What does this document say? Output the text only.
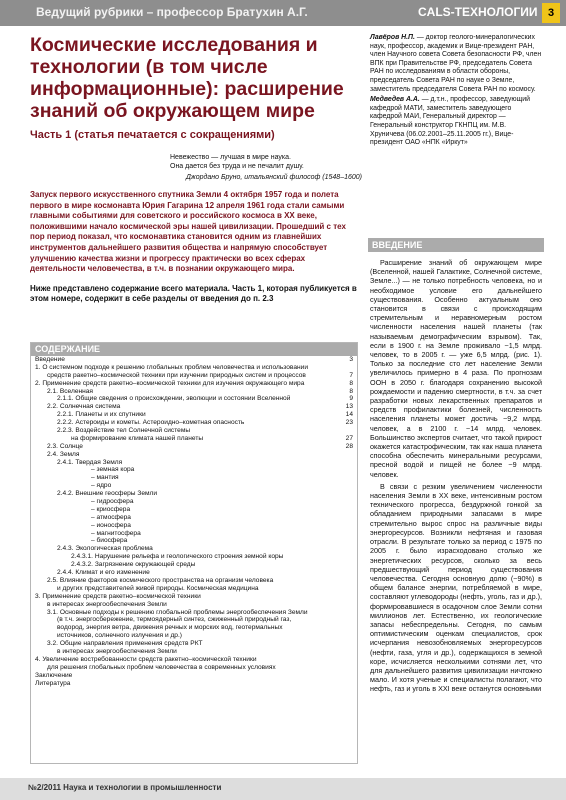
Ведущий рубрики – профессор Братухин А.Г.	CALS-ТЕХНОЛОГИИ 3
Космические исследования и технологии (в том числе информационные): расширение знаний об окружающем мире
Часть 1 (статья печатается с сокращениями)
Невежество — лучшая в мире наука.
Она дается без труда и не печалит душу.
Джордано Бруно, итальянский философ (1548–1600)
Запуск первого искусственного спутника Земли 4 октября 1957 года и полета первого в мире космонавта Юрия Гагарина 12 апреля 1961 года стали самыми главными событиями для советского и российского космоса в XX веке, положившими начало космической эры нашей цивилизации. Прошедший с тех пор период показал, что космонавтика становится одним из главнейших инструментов дальнейшего развития общества и напрямую способствует улучшению качества жизни и прогрессу практически во всех сферах деятельности человечества, в т.ч. в познании окружающего мира.
Ниже представлено содержание всего материала. Часть 1, которая публикуется в этом номере, содержит в себе разделы от введения до п. 2.3
СОДЕРЖАНИЕ
Введение	3
1. О системном подходе к решению глобальных проблем человечества и использовании
средств ракетно–космической техники при изучении природных систем и процессов	7
2. Применение средств ракетно–космической техники для изучения окружающего мира	8
2.1. Вселенная	8
2.1.1. Общие сведения о происхождении, эволюции и состоянии Вселенной	9
2.2. Солнечная система	13
2.2.1. Планеты и их спутники	14
2.2.2. Астероиды и кометы. Астероидно–кометная опасность	23
2.2.3. Воздействие тел Солнечной системы
на формирование климата нашей планеты	27
2.3. Солнце	28
2.4. Земля
2.4.1. Твердая Земля
– земная кора
– мантия
– ядро
2.4.2. Внешние геосферы Земли
– гидросфера
– криосфера
– атмосфера
– ионосфера
– магнитосфера
– биосфера
2.4.3. Экологическая проблема
2.4.3.1. Нарушение рельефа и геологического строения земной коры
2.4.3.2. Загрязнение окружающей среды
2.4.4. Климат и его изменение
2.5. Влияние факторов космического пространства на организм человека
и других представителей живой природы. Космическая медицина
3. Применение средств ракетно–космической техники
в интересах энергообеспечения Земли
3.1. Основные подходы к решению глобальной проблемы энергообеспечения Земли
(в т.ч. энергосбережение, термоядерный синтез, сжиженный природный газ,
водород, энергия ветра, движения речных и морских вод, геотермальных
источников, солнечного излучения и др.)
3.2. Общие направления применения средств РКТ
в интересах энергообеспечения Земли
4. Увеличение востребованности средств ракетно–космической техники
для решения глобальных проблем человечества в современных условиях
Заключение
Литература
Лавёров Н.П. — доктор геолого-минералогических наук, профессор, академик и Вице-президент РАН, член Научного совета Совета безопасности РФ, член ВПК при Правительстве РФ, председатель Совета РАН по исследованиям в области обороны, председатель Совета РАН по науке о Земле, заместитель председателя Совета РАН по космосу.
Медведев А.А. — д.т.н., профессор, заведующий кафедрой МАТИ, заместитель заведующего кафедрой МАИ, Генеральный директор — Генеральный конструктор ГКНПЦ им. М.В. Хруничева (06.02.2001–25.11.2005 гг.), Вице-президент ОАО «НПК «Иркут»
ВВЕДЕНИЕ

Расширение знаний об окружающем мире (Вселенной, нашей Галактике, Солнечной системе, Земле...) — не только потребность человека, но и необходимое условие его дальнейшего существования. Особенно актуальным оно становится в связи с происходящим стремительным и неравномерным ростом численности населения нашей планеты (так называемым демографическим взрывом). Так, если в 1900 г. на Земле проживало ~1,5 млрд. человек, то в 2005 г. — уже 6,5 млрд. (рис. 1). Только за последние сто лет население Земли увеличилось примерно в 4 раза. По прогнозам ООН в 2050 г. благодаря сохранению высокой рождаемости и падению смертности, в т.ч. за счет разработки новых лекарственных препаратов и средств профилактики болезней, численность населения планеты может достичь ~9,2 млрд. человек, а в 2100 г. ~14 млрд. человек. Большинство экспертов считает, что такой прирост окажется катастрофическим, так как наша планета способна обеспечить минеральными ресурсами, пресной водой и пищей не более ~9 млрд. человек.

В связи с резким увеличением численности населения Земли в XX веке, интенсивным ростом технического прогресса, бездуржной гонкой за обладанием природными запасами в мире стремительно вырос спрос на различные виды энергоресурсов. Возникли нефтяная и газовая отрасли. В результате только за период с 1975 по 2005 г. было израсходовано столько же энергетических ресурсов, сколько за весь предшествующий период существования человечества. Сегодня основную долю (~90%) в общем балансе энергии, потребляемой в мире, составляют углеводороды (нефть, уголь, газ и др.), формировавшиеся в осадочном слое Земли сотни миллионов лет. Естественно, их геологические запасы небеспредельны. Сегодня, по самым оптимистическим оценкам специалистов, срок исчерпания невозобновляемых энергоресурсов (нефти, газа, угля и др.), содержащихся в земной коре, исчисляется несколькими сотнями лет, что для дальнейшего развития цивилизации ничтожно мало. И хотя ученые и специалисты полагают, что нефть, газ и уголь в XXI веке останутся основными

№2/2011 Наука и технологии в промышленности
